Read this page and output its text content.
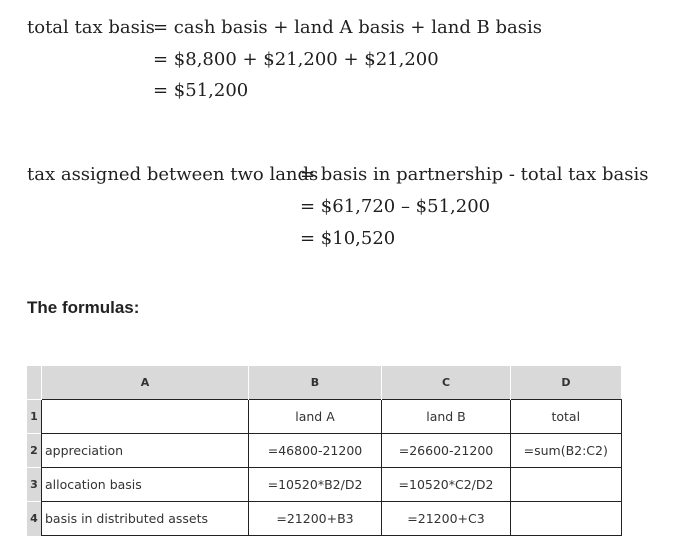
total tax basis
= cash basis + land A basis + land B basis
= $8,800 + $21,200 + $21,200
= $51,200
tax assigned between two lands
= basis in partnership - total tax basis
= $61,720 – $51,200
= $10,520
The formulas:
	A	B	C	D
1		land A	land B	total
2	appreciation	=46800-21200	=26600-21200	=sum(B2:C2)
3	allocation basis	=10520*B2/D2	=10520*C2/D2	
4	basis in distributed assets	=21200+B3	=21200+C3	
